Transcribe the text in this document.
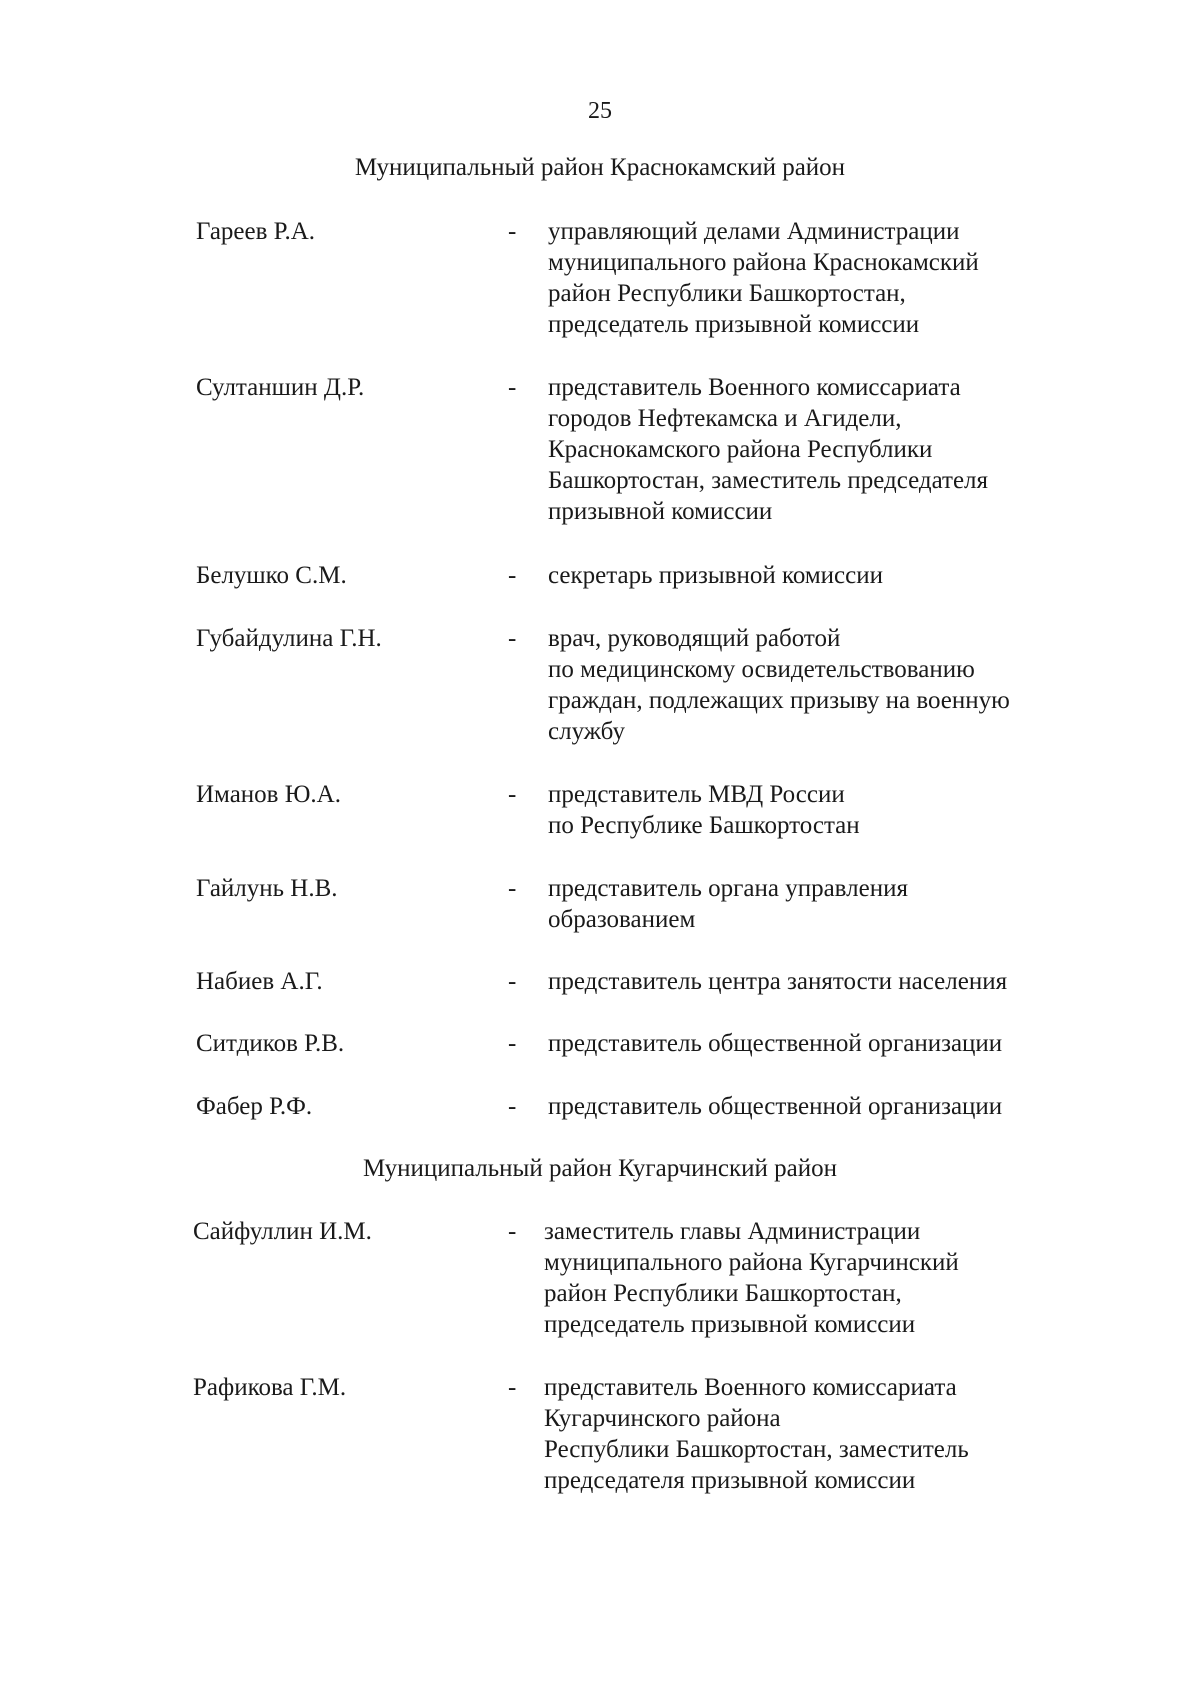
25
Муниципальный район Краснокамский район
Гареев Р.А.	- управляющий делами Администрации
муниципального района Краснокамский
район Республики Башкортостан,
председатель призывной комиссии
Султаншин Д.Р.	- представитель Военного комиссариата
городов Нефтекамска и Агидели,
Краснокамского района Республики
Башкортостан, заместитель председателя
призывной комиссии
Белушко С.М.	- секретарь призывной комиссии
Губайдулина Г.Н.	- врач, руководящий работой
по медицинскому освидетельствованию
граждан, подлежащих призыву на военную
службу
Иманов Ю.А.	- представитель МВД России
по Республике Башкортостан
Гайлунь Н.В.	- представитель органа управления
образованием
Набиев А.Г.	- представитель центра занятости населения
Ситдиков Р.В.	- представитель общественной организации
Фабер Р.Ф.	- представитель общественной организации
Муниципальный район Кугарчинский район
Сайфуллин И.М.	- заместитель главы Администрации
муниципального района Кугарчинский
район Республики Башкортостан,
председатель призывной комиссии
Рафикова Г.М.	- представитель Военного комиссариата
Кугарчинского района
Республики Башкортостан, заместитель
председателя призывной комиссии
